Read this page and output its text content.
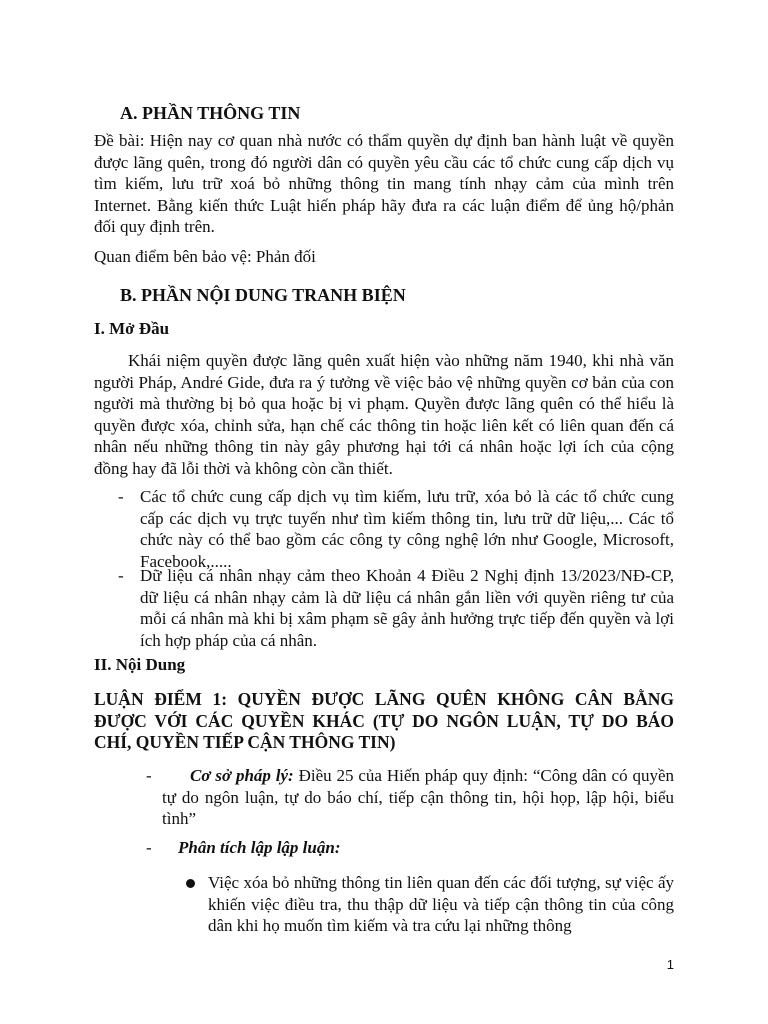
A. PHẦN THÔNG TIN

Đề bài: Hiện nay cơ quan nhà nước có thẩm quyền dự định ban hành luật về quyền được lãng quên, trong đó người dân có quyền yêu cầu các tổ chức cung cấp dịch vụ tìm kiếm, lưu trữ xoá bỏ những thông tin mang tính nhạy cảm của mình trên Internet. Bằng kiến thức Luật hiến pháp hãy đưa ra các luận điểm để ủng hộ/phản đối quy định trên.

Quan điểm bên bảo vệ: Phản đối

B. PHẦN NỘI DUNG TRANH BIỆN
I. Mở Đầu

Khái niệm quyền được lãng quên xuất hiện vào những năm 1940, khi nhà văn người Pháp, André Gide, đưa ra ý tưởng về việc bảo vệ những quyền cơ bản của con người mà thường bị bỏ qua hoặc bị vi phạm. Quyền được lãng quên có thể hiểu là quyền được xóa, chỉnh sửa, hạn chế các thông tin hoặc liên kết có liên quan đến cá nhân nếu những thông tin này gây phương hại tới cá nhân hoặc lợi ích của cộng đồng hay đã lỗi thời và không còn cần thiết.

- Các tổ chức cung cấp dịch vụ tìm kiếm, lưu trữ, xóa bỏ là các tổ chức cung cấp các dịch vụ trực tuyến như tìm kiếm thông tin, lưu trữ dữ liệu,... Các tổ chức này có thể bao gồm các công ty công nghệ lớn như Google, Microsoft, Facebook,.....

- Dữ liệu cá nhân nhạy cảm theo Khoản 4 Điều 2 Nghị định 13/2023/NĐ-CP, dữ liệu cá nhân nhạy cảm là dữ liệu cá nhân gắn liền với quyền riêng tư của mỗi cá nhân mà khi bị xâm phạm sẽ gây ảnh hưởng trực tiếp đến quyền và lợi ích hợp pháp của cá nhân.

II. Nội Dung

LUẬN ĐIỂM 1: QUYỀN ĐƯỢC LÃNG QUÊN KHÔNG CÂN BẰNG ĐƯỢC VỚI CÁC QUYỀN KHÁC (TỰ DO NGÔN LUẬN, TỰ DO BÁO CHÍ, QUYỀN TIẾP CẬN THÔNG TIN)

-	Cơ sở pháp lý: Điều 25 của Hiến pháp quy định: “Công dân có quyền tự do ngôn luận, tự do báo chí, tiếp cận thông tin, hội họp, lập hội, biểu tình”

- Phân tích lập lập luận:

Việc xóa bỏ những thông tin liên quan đến các đối tượng, sự việc ấy khiến việc điều tra, thu thập dữ liệu và tiếp cận thông tin của công dân khi họ muốn tìm kiếm và tra cứu lại những thông

1
